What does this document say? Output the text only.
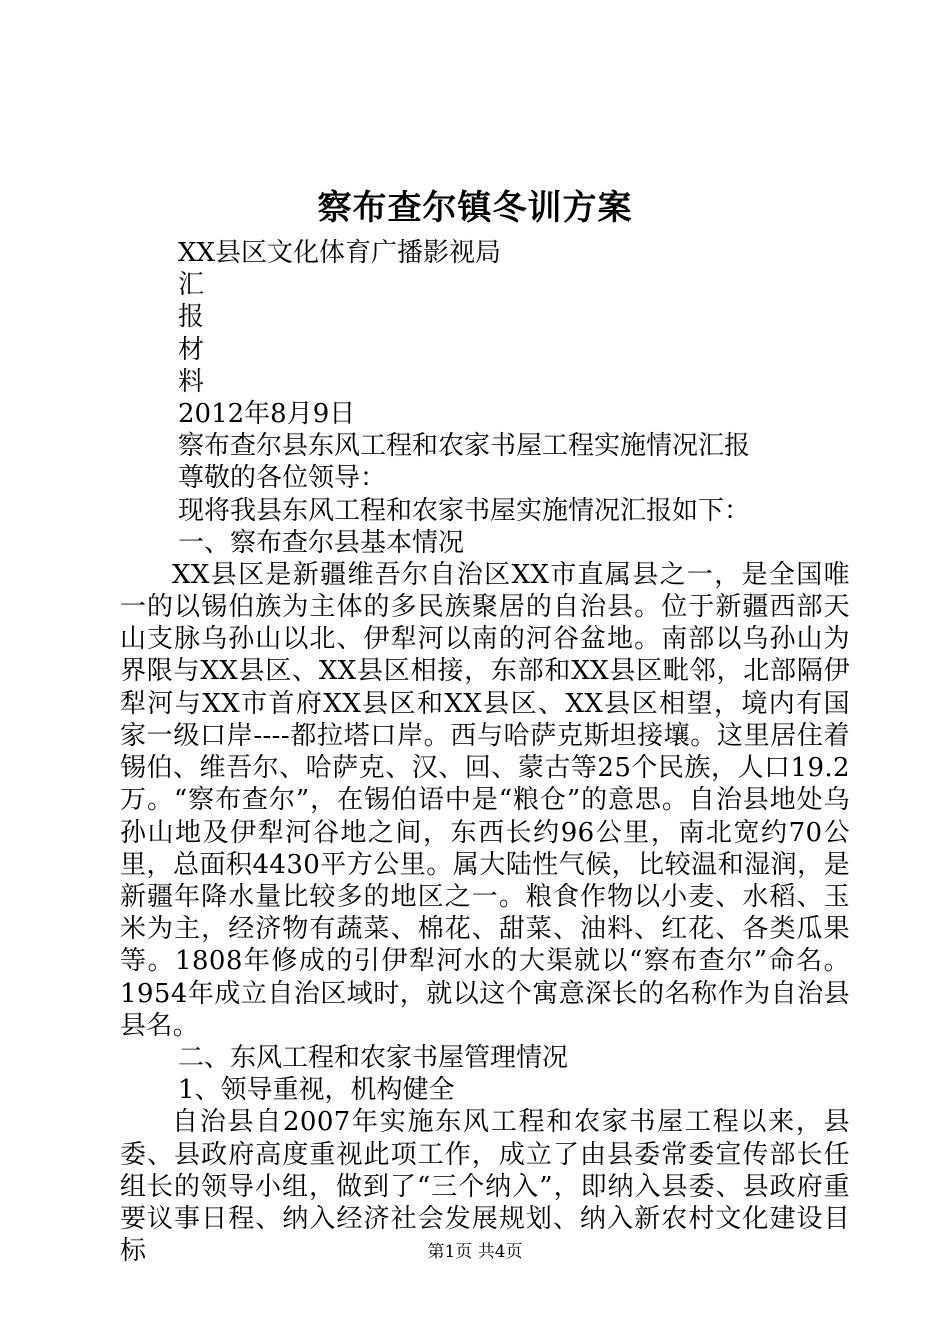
察布查尔镇冬训方案
XX县区文化体育广播影视局
汇
报
材
料
2012年8月9日
察布查尔县东风工程和农家书屋工程实施情况汇报
尊敬的各位领导：
现将我县东风工程和农家书屋实施情况汇报如下：
一、察布查尔县基本情况
XX县区是新疆维吾尔自治区XX市直属县之一，是全国唯一的以锡伯族为主体的多民族聚居的自治县。位于新疆西部天山支脉乌孙山以北、伊犁河以南的河谷盆地。南部以乌孙山为界限与XX县区、XX县区相接，东部和XX县区毗邻，北部隔伊犁河与XX市首府XX县区和XX县区、XX县区相望，境内有国家一级口岸----都拉塔口岸。西与哈萨克斯坦接壤。这里居住着锡伯、维吾尔、哈萨克、汉、回、蒙古等25个民族，人口19.2万。“察布查尔”，在锡伯语中是“粮仓”的意思。自治县地处乌孙山地及伊犁河谷地之间，东西长约96公里，南北宽约70公里，总面积4430平方公里。属大陆性气候，比较温和湿润，是新疆年降水量比较多的地区之一。粮食作物以小麦、水稻、玉米为主，经济物有蔬菜、棉花、甜菜、油料、红花、各类瓜果等。1808年修成的引伊犁河水的大渠就以“察布查尔”命名。1954年成立自治区域时，就以这个寓意深长的名称作为自治县县名。
二、东风工程和农家书屋管理情况
1、领导重视，机构健全
自治县自2007年实施东风工程和农家书屋工程以来，县委、县政府高度重视此项工作，成立了由县委常委宣传部长任组长的领导小组，做到了“三个纳入”，即纳入县委、县政府重要议事日程、纳入经济社会发展规划、纳入新农村文化建设目标	第1页 共4页
